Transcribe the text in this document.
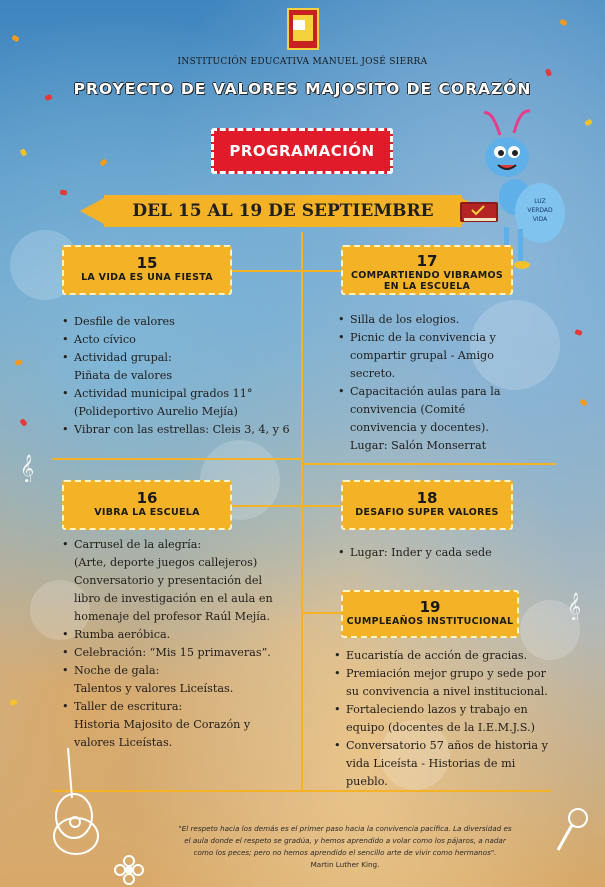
INSTITUCIÓN EDUCATIVA MANUEL JOSÉ SIERRA
PROYECTO DE VALORES MAJOSITO DE CORAZÓN
PROGRAMACIÓN
DEL 15 AL 19 DE SEPTIEMBRE	LUZ
VERDAD
VIDA
15
LA VIDA ES UNA FIESTA
• Desfile de valores
• Acto cívico
• Actividad grupal:
Piñata de valores
• Actividad municipal grados 11°
(Polideportivo Aurelio Mejía)
• Vibrar con las estrellas: Cleis 3, 4, y 6
17
COMPARTIENDO VIBRAMOS
EN LA ESCUELA
• Silla de los elogios.
• Picnic de la convivencia y
compartir grupal - Amigo
secreto.
• Capacitación aulas para la
convivencia (Comité
convivencia y docentes).
Lugar: Salón Monserrat
16
VIBRA LA ESCUELA
• Carrusel de la alegría:
(Arte, deporte juegos callejeros)
Conversatorio y presentación del
libro de investigación en el aula en
homenaje del profesor Raúl Mejía.
• Rumba aeróbica.
• Celebración: “Mis 15 primaveras”.
• Noche de gala:
Talentos y valores Liceístas.
• Taller de escritura:
Historia Majosito de Corazón y
valores Liceístas.
18
DESAFIO SUPER VALORES
• Lugar: Inder y cada sede
19
CUMPLEAÑOS INSTITUCIONAL
• Eucaristía de acción de gracias.
• Premiación mejor grupo y sede por
su convivencia a nivel institucional.
• Fortaleciendo lazos y trabajo en
equipo (docentes de la I.E.M.J.S.)
• Conversatorio 57 años de historia y
vida Liceísta - Historias de mi
pueblo.
𝄞
𝄞
"El respeto hacia los demás es el primer paso hacia la convivencia pacífica. La diversidad es
el aula donde el respeto se gradúa, y hemos aprendido a volar como los pájaros, a nadar
como los peces; pero no hemos aprendido el sencillo arte de vivir como hermanos".
Martin Luther King.
